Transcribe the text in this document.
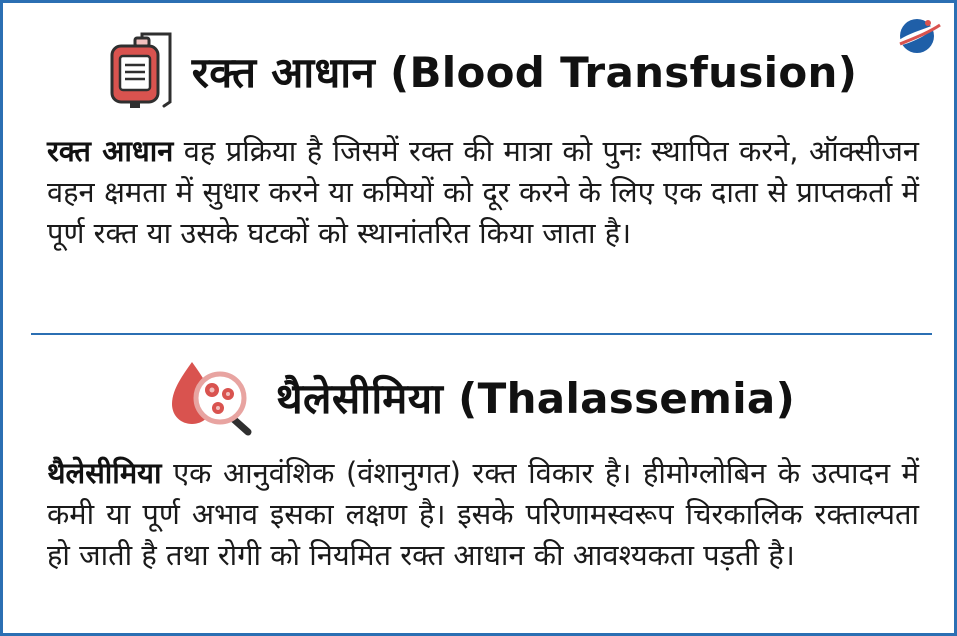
रक्त आधान (Blood Transfusion)

रक्त आधान वह प्रक्रिया है जिसमें रक्त की मात्रा को पुनः स्थापित करने, ऑक्सीजन वहन क्षमता में सुधार करने या कमियों को दूर करने के लिए एक दाता से प्राप्तकर्ता में पूर्ण रक्त या उसके घटकों को स्थानांतरित किया जाता है।

थैलेसीमिया (Thalassemia)

थैलेसीमिया एक आनुवंशिक (वंशानुगत) रक्त विकार है। हीमोग्लोबिन के उत्पादन में कमी या पूर्ण अभाव इसका लक्षण है। इसके परिणामस्वरूप चिरकालिक रक्ताल्पता हो जाती है तथा रोगी को नियमित रक्त आधान की आवश्यकता पड़ती है।
